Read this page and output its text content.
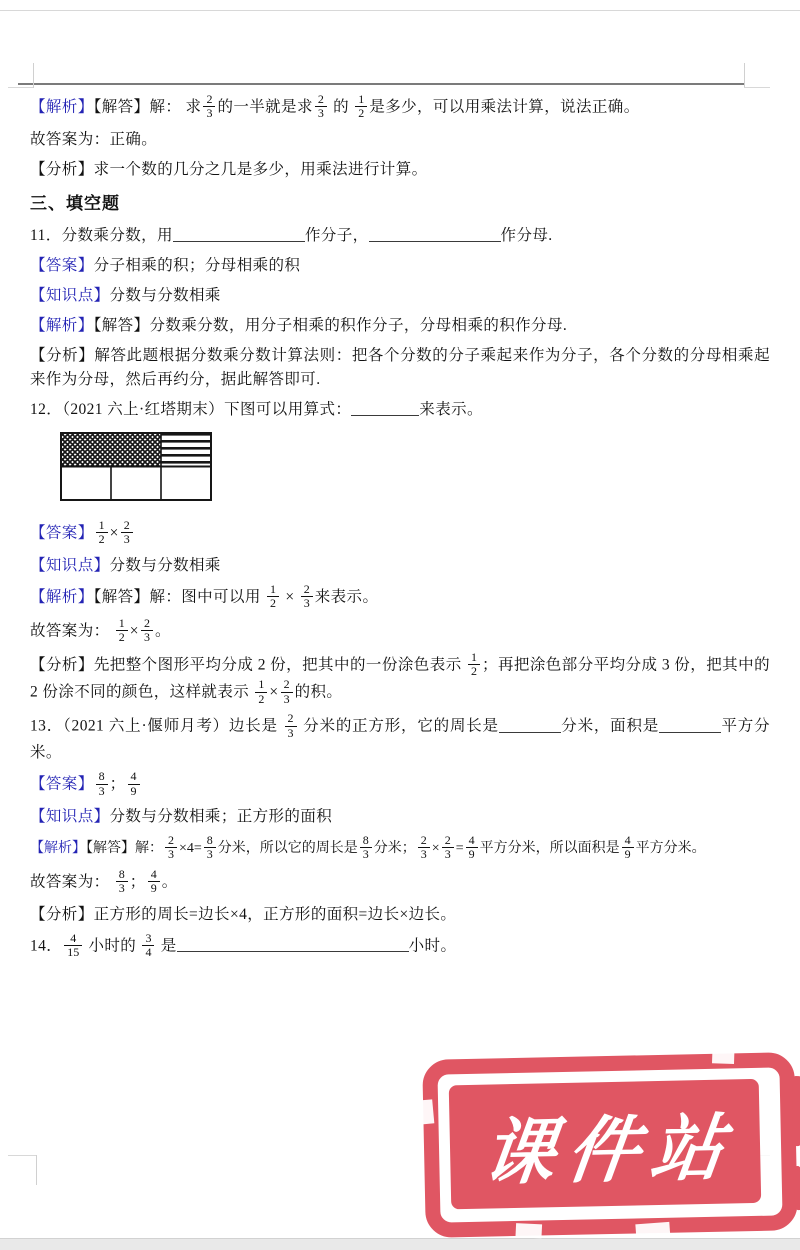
【解析】【解答】解： 求 $\frac{2}{3}$ 的一半就是求 $\frac{2}{3}$ 的 $\frac{1}{2}$ 是多少，可以用乘法计算，说法正确。

故答案为：正确。

【分析】求一个数的几分之几是多少，用乘法进行计算。

三、填空题

11．分数乘分数，用	作分子，	作分母.

【答案】分子相乘的积；分母相乘的积

【知识点】分数与分数相乘

【解析】【解答】分数乘分数，用分子相乘的积作分子，分母相乘的积作分母.

【分析】解答此题根据分数乘分数计算法则：把各个分数的分子乘起来作为分子，各个分数的分母相乘起来作为分母，然后再约分，据此解答即可.

12．（2021 六上·红塔期末）下图可以用算式：	来表示。

【答案】 $\frac{1}{2} \times \frac{2}{3}$

【知识点】分数与分数相乘

【解析】【解答】解：图中可以用 $\frac{1}{2} \times \frac{2}{3}$ 来表示。

故答案为： $\frac{1}{2} \times \frac{2}{3}$ 。

【分析】先把整个图形平均分成 2 份，把其中的一份涂色表示 $\frac{1}{2}$ ；再把涂色部分平均分成 3 份，把其中的 2 份涂不同的颜色，这样就表示 $\frac{1}{2} \times \frac{2}{3}$ 的积。

13．（2021 六上·偃师月考）边长是 $\frac{2}{3}$ 分米的正方形，它的周长是	分米，面积是	平方分米。

【答案】 $\frac{8}{3}$ ； $\frac{4}{9}$

【知识点】分数与分数相乘；正方形的面积

【解析】【解答】解： $\frac{2}{3} \times 4= \frac{8}{3}$ 分米，所以它的周长是 $\frac{8}{3}$ 分米； $\frac{2}{3} \times \frac{2}{3} = \frac{4}{9}$ 平方分米，所以面积是 $\frac{4}{9}$ 平方分米。

故答案为： $\frac{8}{3}$ ； $\frac{4}{9}$ 。

【分析】正方形的周长=边长×4，正方形的面积=边长×边长。

14． $\frac{4}{15}$ 小时的 $\frac{3}{4}$ 是	小时。

课件站
